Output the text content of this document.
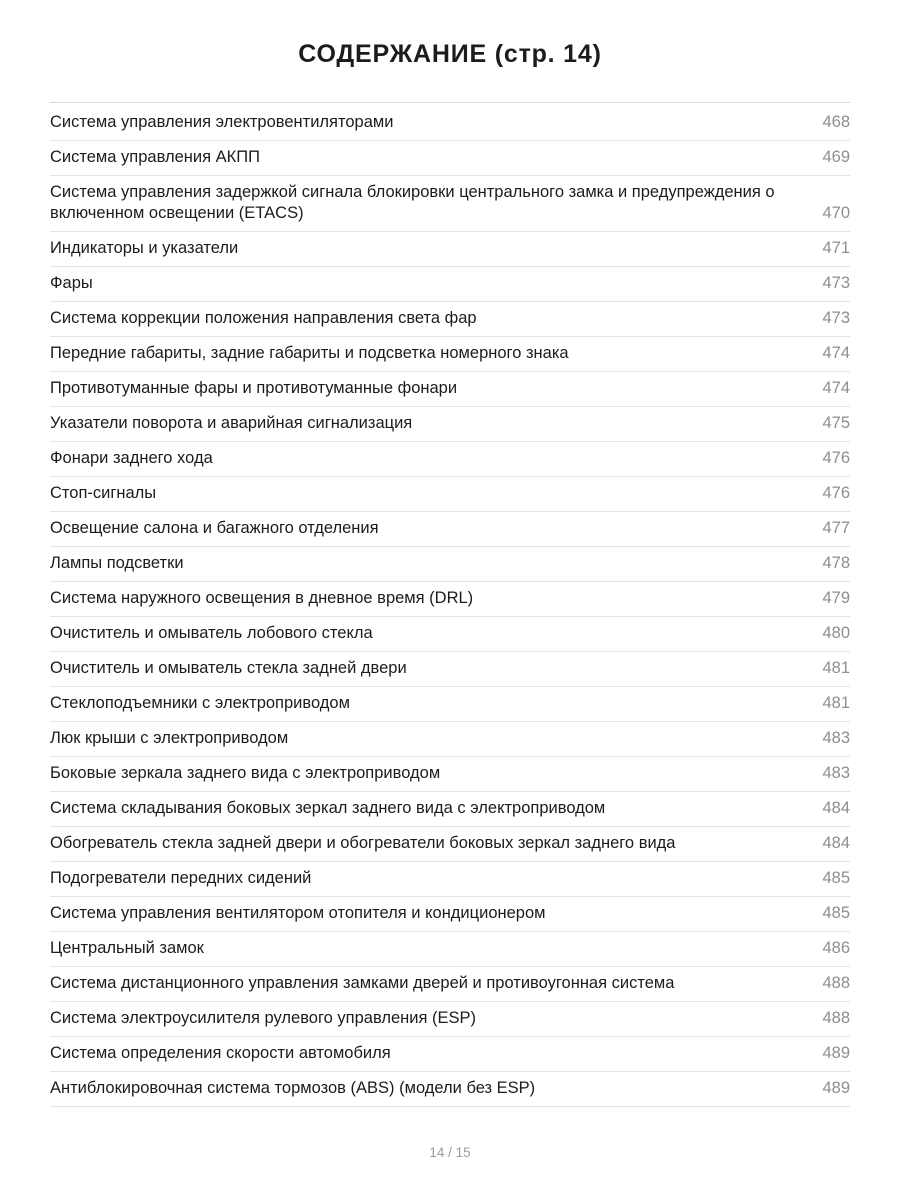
СОДЕРЖАНИЕ (стр. 14)
Система управления электровентиляторами	468
Система управления АКПП	469
Система управления задержкой сигнала блокировки центрального замка и предупреждения о включенном освещении (ETACS)	470
Индикаторы и указатели	471
Фары	473
Система коррекции положения направления света фар	473
Передние габариты, задние габариты и подсветка номерного знака	474
Противотуманные фары и противотуманные фонари	474
Указатели поворота и аварийная сигнализация	475
Фонари заднего хода	476
Стоп-сигналы	476
Освещение салона и багажного отделения	477
Лампы подсветки	478
Система наружного освещения в дневное время (DRL)	479
Очиститель и омыватель лобового стекла	480
Очиститель и омыватель стекла задней двери	481
Стеклоподъемники с электроприводом	481
Люк крыши с электроприводом	483
Боковые зеркала заднего вида с электроприводом	483
Система складывания боковых зеркал заднего вида с электроприводом	484
Обогреватель стекла задней двери и обогреватели боковых зеркал заднего вида	484
Подогреватели передних сидений	485
Система управления вентилятором отопителя и кондиционером	485
Центральный замок	486
Система дистанционного управления замками дверей и противоугонная система	488
Система электроусилителя рулевого управления (ESP)	488
Система определения скорости автомобиля	489
Антиблокировочная система тормозов (ABS) (модели без ESP)	489
14 / 15
